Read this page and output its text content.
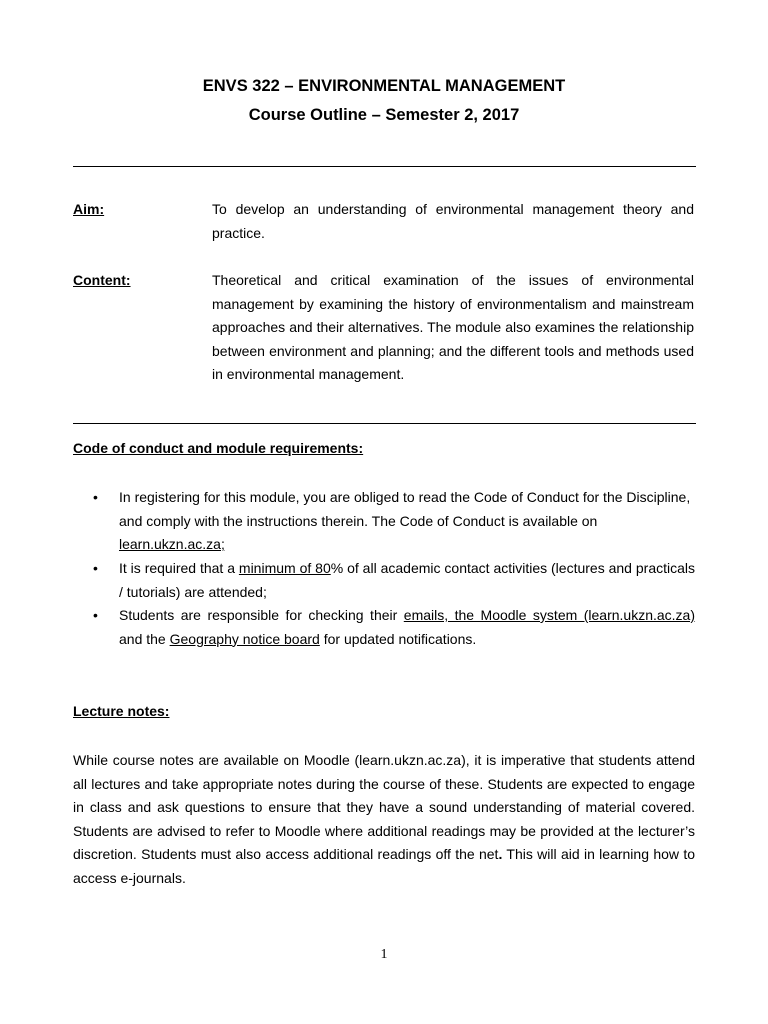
ENVS 322 – ENVIRONMENTAL MANAGEMENT
Course Outline – Semester 2, 2017
Aim:	To develop an understanding of environmental management theory and practice.
Content:	Theoretical and critical examination of the issues of environmental management by examining the history of environmentalism and mainstream approaches and their alternatives. The module also examines the relationship between environment and planning; and the different tools and methods used in environmental management.
Code of conduct and module requirements:
• In registering for this module, you are obliged to read the Code of Conduct for the Discipline, and comply with the instructions therein. The Code of Conduct is available on learn.ukzn.ac.za;
• It is required that a minimum of 80% of all academic contact activities (lectures and practicals / tutorials) are attended;
• Students are responsible for checking their emails, the Moodle system (learn.ukzn.ac.za) and the Geography notice board for updated notifications.
Lecture notes:
While course notes are available on Moodle (learn.ukzn.ac.za), it is imperative that students attend all lectures and take appropriate notes during the course of these. Students are expected to engage in class and ask questions to ensure that they have a sound understanding of material covered. Students are advised to refer to Moodle where additional readings may be provided at the lecturer’s discretion. Students must also access additional readings off the net. This will aid in learning how to access e-journals.
1
